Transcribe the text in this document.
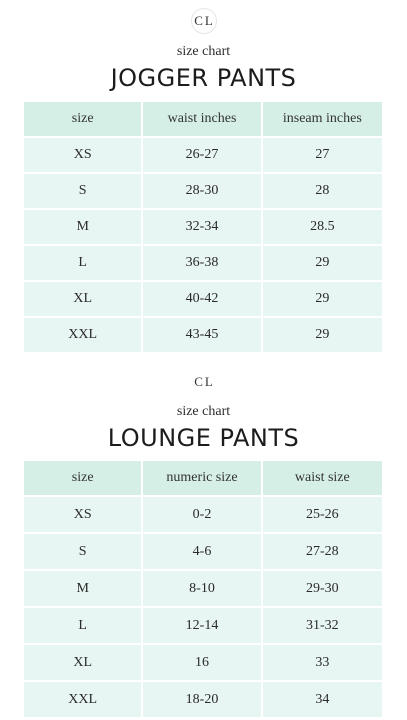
CL
size chart
JOGGER PANTS
size	waist inches	inseam inches
XS	26-27	27
S	28-30	28
M	32-34	28.5
L	36-38	29
XL	40-42	29
XXL	43-45	29
CL
size chart
LOUNGE PANTS
size	numeric size	waist size
XS	0-2	25-26
S	4-6	27-28
M	8-10	29-30
L	12-14	31-32
XL	16	33
XXL	18-20	34
